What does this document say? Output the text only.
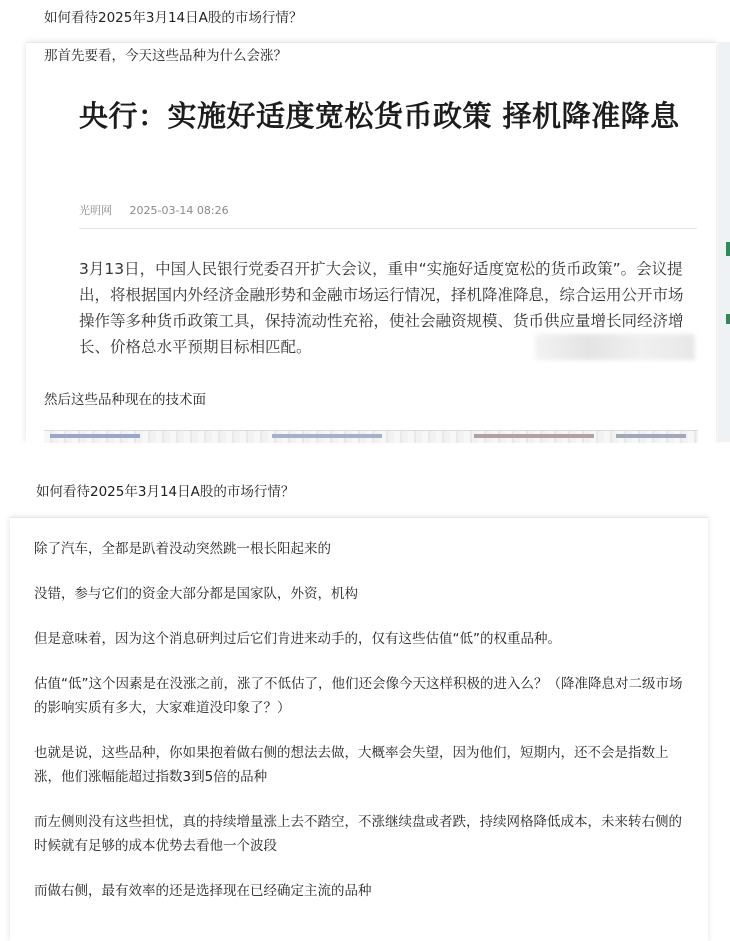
如何看待2025年3月14日A股的市场行情？
那首先要看，今天这些品种为什么会涨？
央行：实施好适度宽松货币政策 择机降准降息
光明网 2025-03-14 08:26
3月13日，中国人民银行党委召开扩大会议，重申“实施好适度宽松的货币政策”。会议提出，将根据国内外经济金融形势和金融市场运行情况，择机降准降息，综合运用公开市场操作等多种货币政策工具，保持流动性充裕，使社会融资规模、货币供应量增长同经济增长、价格总水平预期目标相匹配。
然后这些品种现在的技术面
如何看待2025年3月14日A股的市场行情？
除了汽车，全都是趴着没动突然跳一根长阳起来的
没错，参与它们的资金大部分都是国家队，外资，机构
但是意味着，因为这个消息研判过后它们肯进来动手的，仅有这些估值“低”的权重品种。
估值“低”这个因素是在没涨之前，涨了不低估了，他们还会像今天这样积极的进入么？（降准降息对二级市场的影响实质有多大，大家难道没印象了？）
也就是说，这些品种，你如果抱着做右侧的想法去做，大概率会失望，因为他们，短期内，还不会是指数上涨，他们涨幅能超过指数3到5倍的品种
而左侧则没有这些担忧，真的持续增量涨上去不踏空，不涨继续盘或者跌，持续网格降低成本，未来转右侧的时候就有足够的成本优势去看他一个波段
而做右侧，最有效率的还是选择现在已经确定主流的品种
